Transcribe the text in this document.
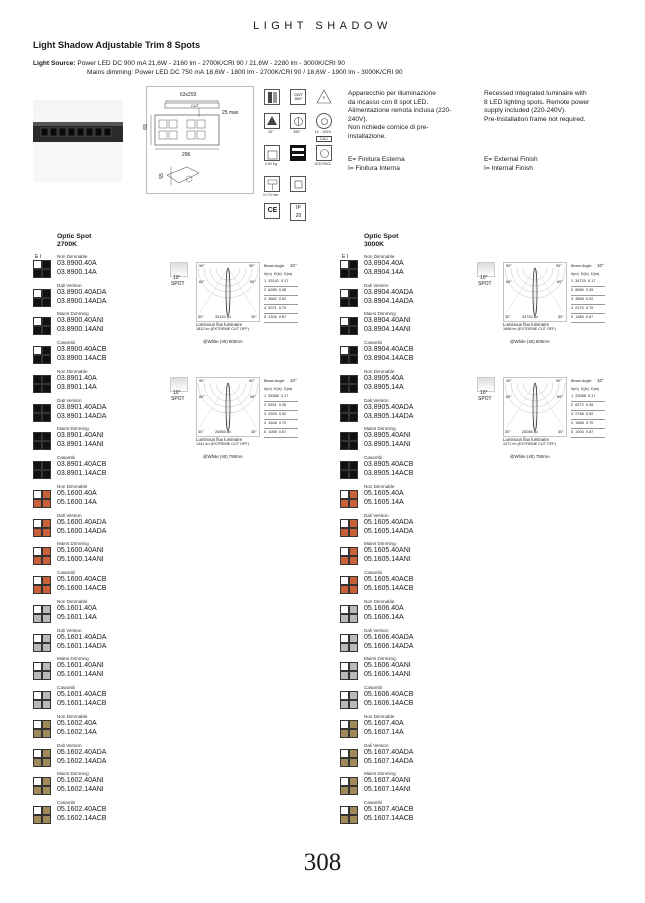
LIGHT SHADOW
Light Shadow Adjustable Trim 8 Spots
Light Source: Power LED DC 900 mA 21,6W - 2160 lm - 2700K/CRI 90 / 21,6W - 2280 lm - 3000K/CRI 90
Mains dimming: Power LED DC 750 mA 18,6W - 1800 lm - 2700K/CRI 90 / 18,6W - 1900 lm - 3000K/CRI 90
63x293
CUT
25 max
69
296
55
GWT 850°	F
30°	355°	10 - 100%
DALI
0,90 Kg	LED PACL
h=75 min
CE	IP
20
Apparecchio per illuminazione
da incasso con 8 spot LED.
Alimentazione remota inclusa (220-
240V).
Non richiede cornice di pre-
installazione.
Recessed integrated luminaire with
8 LED lighting spots. Remote power
supply included (220-240V).
Pre-Installation frame not required.
E= Finitura Esterna
I= Finitura Interna
E= External Finish
I= Internal Finish
Optic Spot
2700K
E I	Non Dimmable
03.8900.40A
03.8900.14A
Dali Version
03.8900.40ADA
03.8900.14ADA
Mains Dimming
03.8900.40ANI
03.8900.14ANI
Casambi
03.8900.40ACB
03.8900.14ACB
Non Dimmable
03.8901.40A
03.8901.14A
Dali Version
03.8901.40ADA
03.8901.14ADA
Mains Dimming
03.8901.40ANI
03.8901.14ANI
Casambi
03.8901.40ACB
03.8901.14ACB
Non Dimmable
05.1600.40A
05.1600.14A
Dali Version
05.1600.40ADA
05.1600.14ADA
Mains Dimming
05.1600.40ANI
05.1600.14ANI
Casambi
05.1600.40ACB
05.1600.14ACB
Non Dimmable
05.1601.40A
05.1601.14A
Dali Version
05.1601.40ADA
05.1601.14ADA
Mains Dimming
05.1601.40ANI
05.1601.14ANI
Casambi
05.1601.40ACB
05.1601.14ACB
Non Dimmable
05.1602.40A
05.1602.14A
Dali Version
05.1602.40ADA
05.1602.14ADA
Mains Dimming
05.1602.40ANI
05.1602.14ANI
Casambi
05.1602.40ACB
05.1602.14ACB
10°
SPOT
90°	90°
60°	60°
30°	30°
33142 cd
Beam Angle 10°
h(m) E(lx) D(m)
1 33142 0.17
2 8285 0.35
3 3682 0.52
4 2071 0.70
5 1326 0.87
Luminous flux luminaire
1812 lm (EXTREME CUT OFF)
@White (40) 900mA
10°
SPOT
90°	90°
60°	60°
30°	30°
26365 cd
Beam Angle 10°
h(m) E(lx) D(m)
1 26365 0.17
2 6591 0.35
3 2929 0.52
4 1648 0.70
5 1055 0.87
Luminous flux luminaire
1441 lm (EXTREME CUT OFF)
@White (40) 750mA
Optic Spot
3000K
E I	Non Dimmable
03.8904.40A
03.8904.14A
Dali Version
03.8904.40ADA
03.8904.14ADA
Mains Dimming
03.8904.40ANI
03.8904.14ANI
Casambi
03.8904.40ACB
03.8904.14ACB
Non Dimmable
03.8905.40A
03.8905.14A
Dali Version
03.8905.40ADA
03.8905.14ADA
Mains Dimming
03.8905.40ANI
03.8905.14ANI
Casambi
03.8905.40ACB
03.8905.14ACB
Non Dimmable
05.1605.40A
05.1605.14A
Dali Version
05.1605.40ADA
05.1605.14ADA
Mains Dimming
05.1605.40ANI
05.1605.14ANI
Casambi
05.1605.40ACB
05.1605.14ACB
Non Dimmable
05.1606.40A
05.1606.14A
Dali Version
05.1606.40ADA
05.1606.14ADA
Mains Dimming
05.1606.40ANI
05.1606.14ANI
Casambi
05.1606.40ACB
05.1606.14ACB
Non Dimmable
05.1607.40A
05.1607.14A
Dali Version
05.1607.40ADA
05.1607.14ADA
Mains Dimming
05.1607.40ANI
05.1607.14ANI
Casambi
05.1607.40ACB
05.1607.14ACB
10°
SPOT
90°	90°
60°	60°
30°	30°
34720 cd
Beam Angle 10°
h(m) E(lx) D(m)
1 34720 0.17
2 8680 0.35
3 3858 0.52
4 2170 0.70
5 1389 0.87
Luminous flux luminaire
1898 lm (EXTREME CUT OFF)
@White (40) 900mA
10°
SPOT
90°	90°
60°	60°
30°	30°
25088 cd
Beam Angle 10°
h(m) E(lx) D(m)
1 25088 0.17
2 6272 0.35
3 2788 0.52
4 1568 0.70
5 1004 0.87
Luminous flux luminaire
1371 lm (EXTREME CUT OFF)
@White (40) 750mA
308
